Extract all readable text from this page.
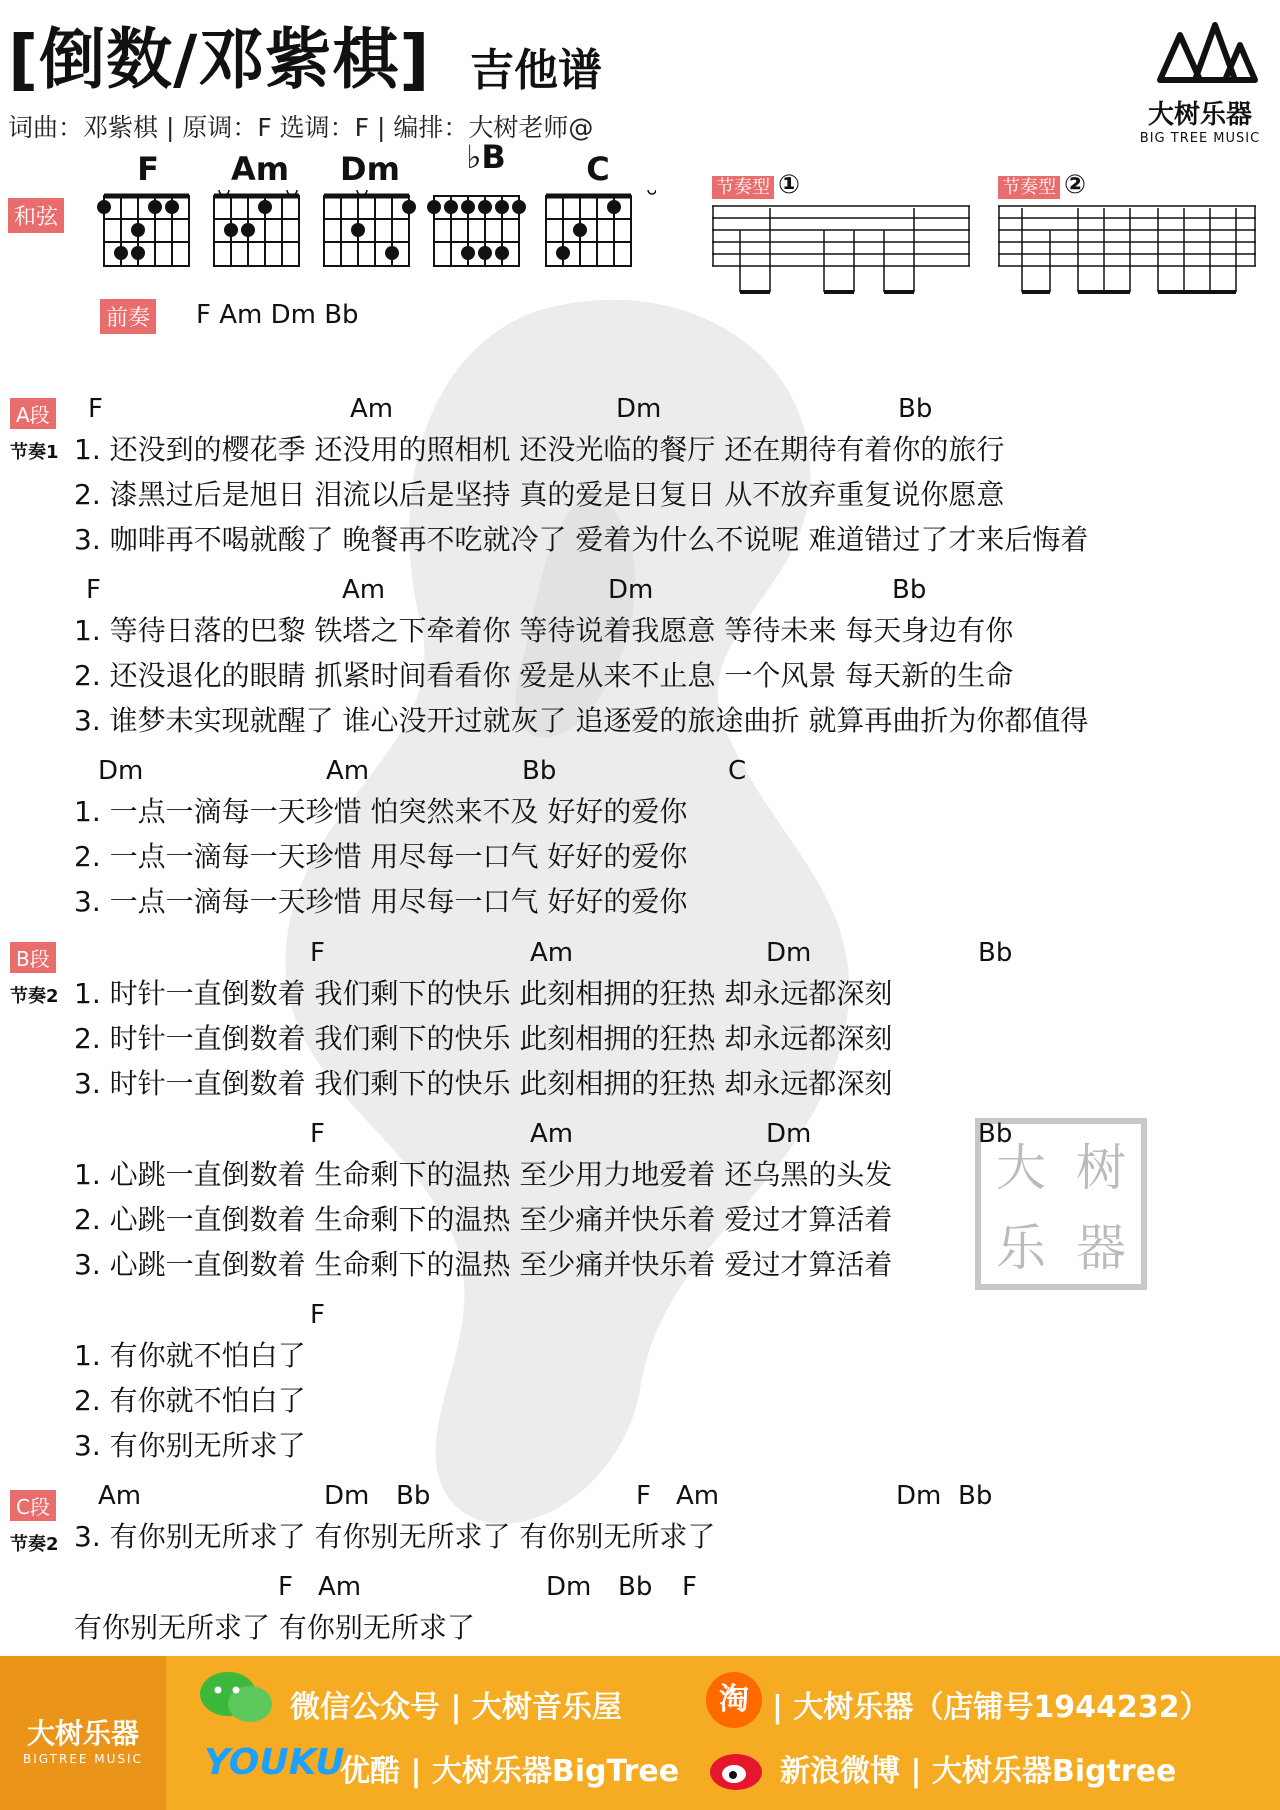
大 树
乐 器
[倒数/邓紫棋] 吉他谱
词曲：邓紫棋 | 原调：F 选调：F | 编排：大树老师@	大树乐器
BIG TREE MUSIC
和弦
F	Am	Dm	♭B	C	节奏型 ①	节奏型 ②
前奏 F Am Dm Bb
A段
节奏1
B段
节奏2
C段
节奏2
F	Am	Dm	Bb
1. 还没到的樱花季 还没用的照相机 还没光临的餐厅 还在期待有着你的旅行
2. 漆黑过后是旭日 泪流以后是坚持 真的爱是日复日 从不放弃重复说你愿意
3. 咖啡再不喝就酸了 晚餐再不吃就冷了 爱着为什么不说呢 难道错过了才来后悔着
F	Am	Dm	Bb
1. 等待日落的巴黎 铁塔之下牵着你 等待说着我愿意 等待未来 每天身边有你
2. 还没退化的眼睛 抓紧时间看看你 爱是从来不止息 一个风景 每天新的生命
3. 谁梦未实现就醒了 谁心没开过就灰了 追逐爱的旅途曲折 就算再曲折为你都值得
Dm	Am	Bb	C
1. 一点一滴每一天珍惜 怕突然来不及 好好的爱你
2. 一点一滴每一天珍惜 用尽每一口气 好好的爱你
3. 一点一滴每一天珍惜 用尽每一口气 好好的爱你
F	Am	Dm	Bb
1. 时针一直倒数着 我们剩下的快乐 此刻相拥的狂热 却永远都深刻
2. 时针一直倒数着 我们剩下的快乐 此刻相拥的狂热 却永远都深刻
3. 时针一直倒数着 我们剩下的快乐 此刻相拥的狂热 却永远都深刻
F	Am	Dm	Bb
1. 心跳一直倒数着 生命剩下的温热 至少用力地爱着 还乌黑的头发
2. 心跳一直倒数着 生命剩下的温热 至少痛并快乐着 爱过才算活着
3. 心跳一直倒数着 生命剩下的温热 至少痛并快乐着 爱过才算活着
F
1. 有你就不怕白了
2. 有你就不怕白了
3. 有你别无所求了
Am	Dm Bb	F Am	Dm Bb
3. 有你别无所求了 有你别无所求了 有你别无所求了
F Am	Dm Bb F
有你别无所求了 有你别无所求了
大树乐器
BIGTREE MUSIC
微信公众号 | 大树音乐屋	淘 | 大树乐器（店铺号1944232）
YOUKU
优酷 | 大树乐器BigTree	新浪微博 | 大树乐器Bigtree
